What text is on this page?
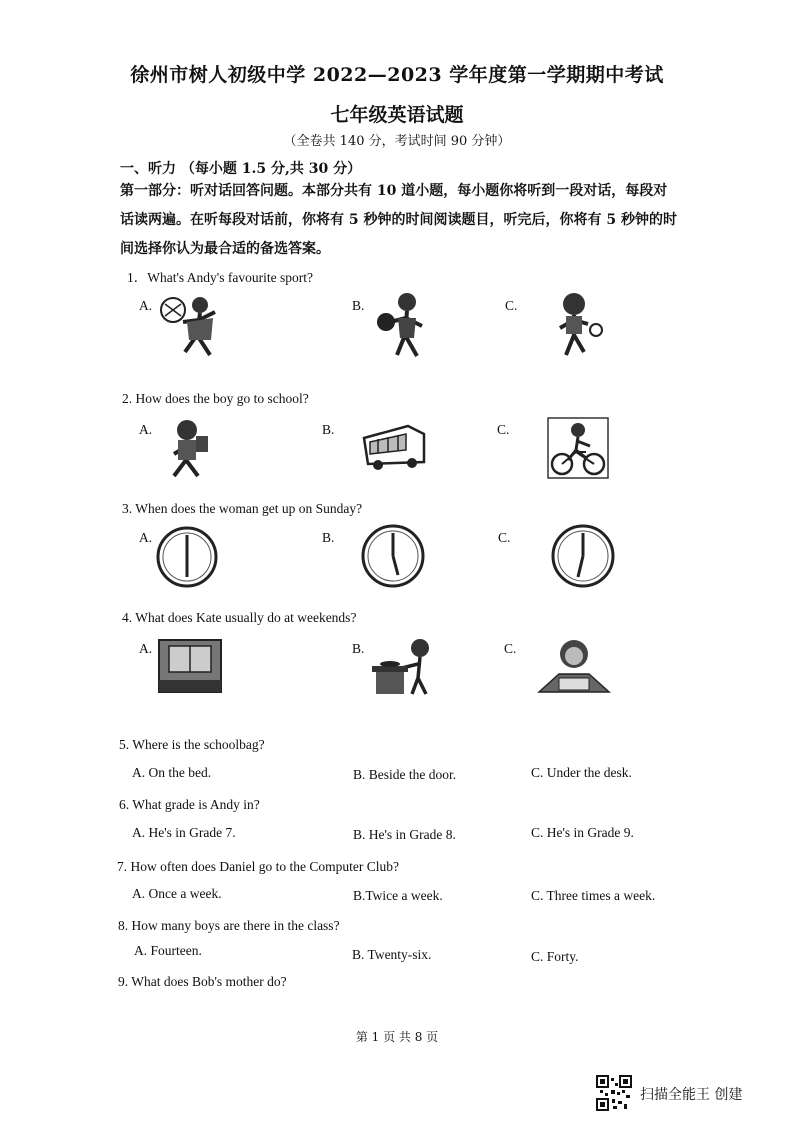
徐州市树人初级中学 2022—2023 学年度第一学期期中考试
七年级英语试题
（全卷共 140 分，考试时间 90 分钟）
一、听力 （每小题 1.5 分,共 30 分）
第一部分：听对话回答问题。本部分共有 10 道小题，每小题你将听到一段对话，每段对话读两遍。在听每段对话前，你将有 5 秒钟的时间阅读题目，听完后，你将有 5 秒钟的时间选择你认为最合适的备选答案。
1．What's Andy's favourite sport?
A.	B.	C.
2. How does the boy go to school?
A.	B.	C.
3. When does the woman get up on Sunday?
A.	B.	C.
4. What does Kate usually do at weekends?
A.	B.	C.
5. Where is the schoolbag?
A. On the bed.	B. Beside the door.	C. Under the desk.
6. What grade is Andy in?
A. He's in Grade 7.	B. He's in Grade 8.	C. He's in Grade 9.
7. How often does Daniel go to the Computer Club?
A. Once a week.	B.Twice a week.	C. Three times a week.
8. How many boys are there in the class?
A. Fourteen.	B. Twenty-six.	C. Forty.
9. What does Bob's mother do?
第 1 页 共 8 页
扫描全能王 创建
